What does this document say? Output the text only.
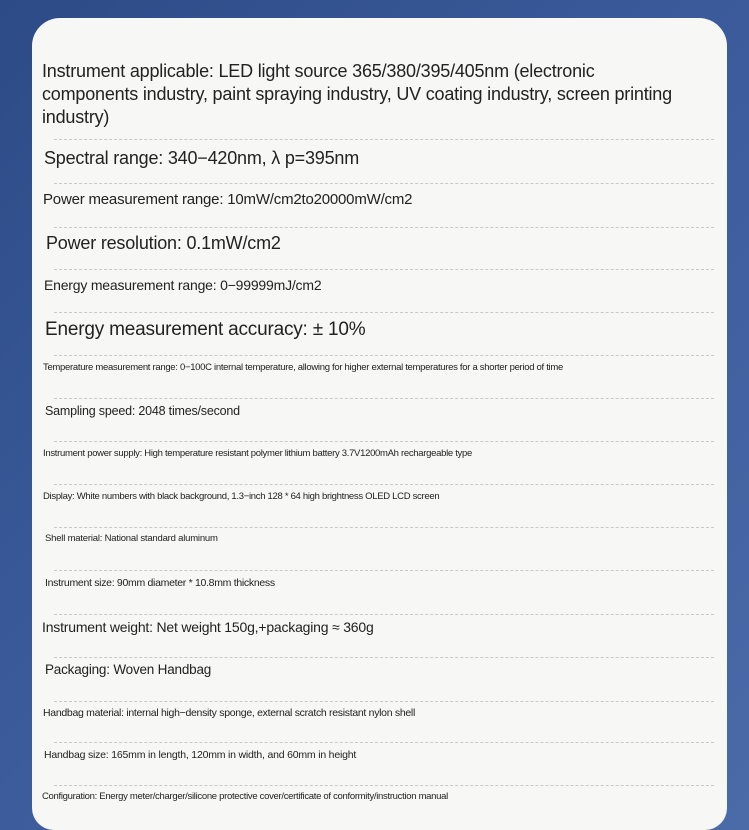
Instrument applicable: LED light source 365/380/395/405nm (electronic components industry, paint spraying industry, UV coating industry, screen printing industry)
Spectral range: 340−420nm, λ p=395nm
Power measurement range: 10mW/cm2to20000mW/cm2
Power resolution: 0.1mW/cm2
Energy measurement range: 0−99999mJ/cm2
Energy measurement accuracy: ± 10%
Temperature measurement range: 0−100C internal temperature, allowing for higher external temperatures for a shorter period of time
Sampling speed: 2048 times/second
Instrument power supply: High temperature resistant polymer lithium battery 3.7V1200mAh rechargeable type
Display: White numbers with black background, 1.3−inch 128 * 64 high brightness OLED LCD screen
Shell material: National standard aluminum
Instrument size: 90mm diameter * 10.8mm thickness
Instrument weight: Net weight 150g,+packaging ≈ 360g
Packaging: Woven Handbag
Handbag material: internal high−density sponge, external scratch resistant nylon shell
Handbag size: 165mm in length, 120mm in width, and 60mm in height
Configuration: Energy meter/charger/silicone protective cover/certificate of conformity/instruction manual
